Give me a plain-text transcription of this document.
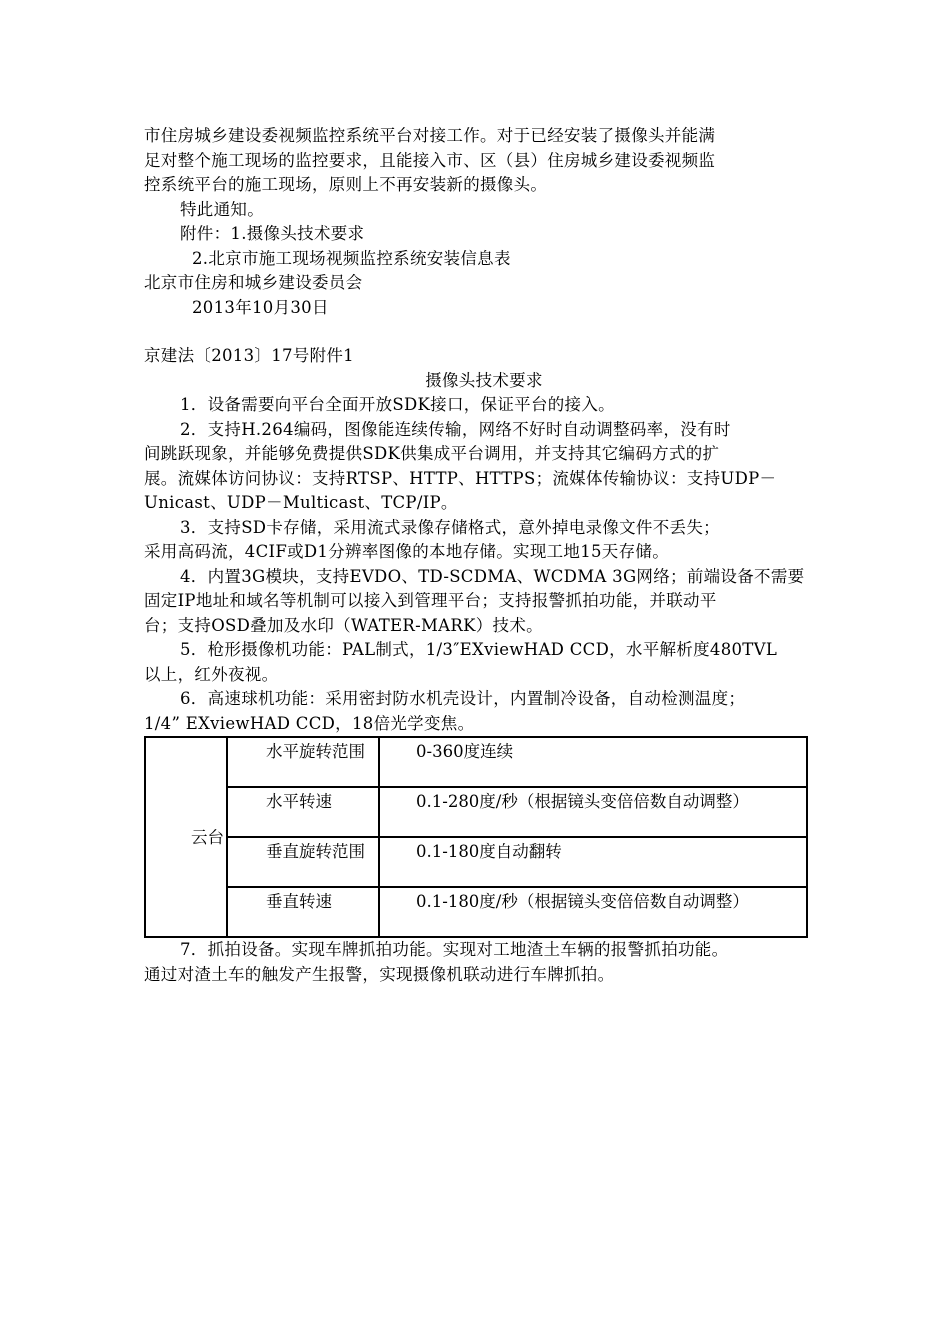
市住房城乡建设委视频监控系统平台对接工作。对于已经安装了摄像头并能满
足对整个施工现场的监控要求，且能接入市、区（县）住房城乡建设委视频监
控系统平台的施工现场，原则上不再安装新的摄像头。
特此通知。
附件：1.摄像头技术要求
2.北京市施工现场视频监控系统安装信息表
北京市住房和城乡建设委员会
2013年10月30日
京建法〔2013〕17号附件1
摄像头技术要求
1．设备需要向平台全面开放SDK接口，保证平台的接入。
2．支持H.264编码，图像能连续传输，网络不好时自动调整码率，没有时
间跳跃现象，并能够免费提供SDK供集成平台调用，并支持其它编码方式的扩
展。流媒体访问协议：支持RTSP、HTTP、HTTPS；流媒体传输协议：支持UDP－
Unicast、UDP－Multicast、TCP/IP。
3．支持SD卡存储，采用流式录像存储格式，意外掉电录像文件不丢失；
采用高码流，4CIF或D1分辨率图像的本地存储。实现工地15天存储。
4．内置3G模块，支持EVDO、TD-SCDMA、WCDMA 3G网络；前端设备不需要
固定IP地址和域名等机制可以接入到管理平台；支持报警抓拍功能，并联动平
台；支持OSD叠加及水印（WATER-MARK）技术。
5．枪形摄像机功能：PAL制式，1/3″EXviewHAD CCD，水平解析度480TVL
以上，红外夜视。
6．高速球机功能：采用密封防水机壳设计，内置制冷设备，自动检测温度；
1/4” EXviewHAD CCD，18倍光学变焦。
云台	水平旋转范围	0-360度连续

	水平转速	0.1-280度/秒（根据镜头变倍倍数自动调整）

	垂直旋转范围	0.1-180度自动翻转

	垂直转速	0.1-180度/秒（根据镜头变倍倍数自动调整）
7．抓拍设备。实现车牌抓拍功能。实现对工地渣土车辆的报警抓拍功能。
通过对渣土车的触发产生报警，实现摄像机联动进行车牌抓拍。
